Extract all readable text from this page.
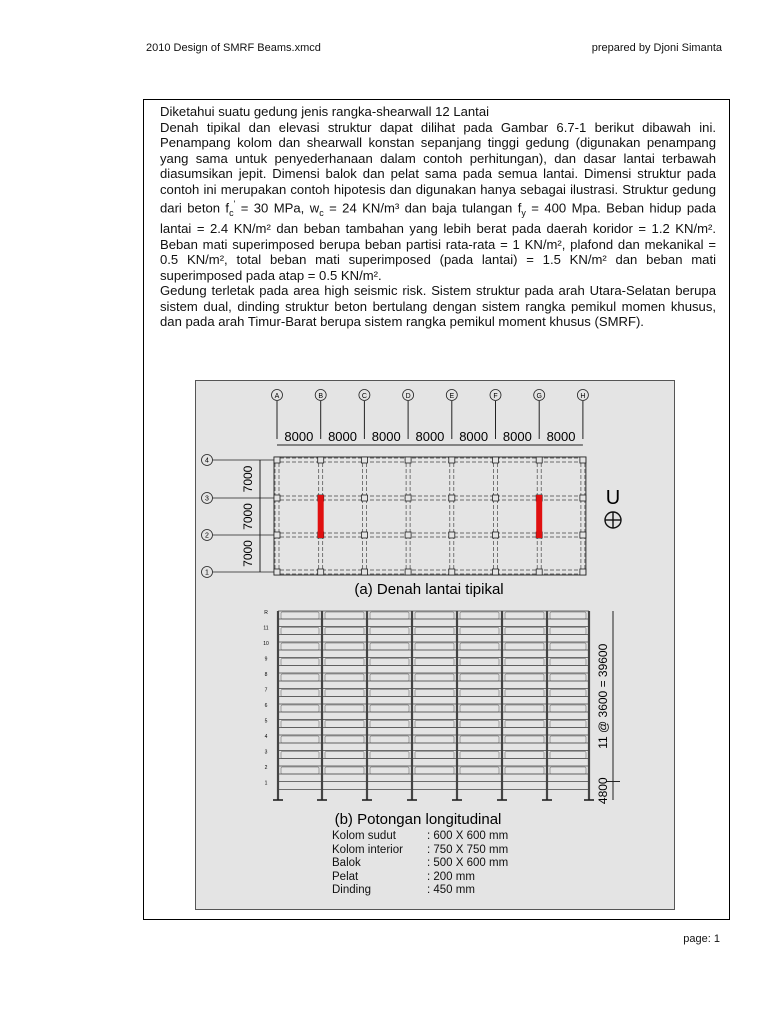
2010 Design of SMRF Beams.xmcd	prepared by Djoni Simanta

Diketahui suatu gedung jenis rangka-shearwall 12 Lantai

Denah tipikal dan elevasi struktur dapat dilihat pada Gambar 6.7-1 berikut dibawah ini. Penampang kolom dan shearwall konstan sepanjang tinggi gedung (digunakan penampang yang sama untuk penyederhanaan dalam contoh perhitungan), dan dasar lantai terbawah diasumsikan jepit. Dimensi balok dan pelat sama pada semua lantai. Dimensi struktur pada contoh ini merupakan contoh hipotesis dan digunakan hanya sebagai ilustrasi. Struktur gedung dari beton $f_c' = 30$ MPa, $w_c = 24$ KN/m³ dan baja tulangan $f_y = 400$ Mpa. Beban hidup pada lantai = 2.4 KN/m² dan beban tambahan yang lebih berat pada daerah koridor = 1.2 KN/m². Beban mati superimposed berupa beban partisi rata-rata = 1 KN/m², plafond dan mekanikal = 0.5 KN/m², total beban mati superimposed (pada lantai) = 1.5 KN/m² dan beban mati superimposed pada atap = 0.5 KN/m².

Gedung terletak pada area high seismic risk. Sistem struktur pada arah Utara-Selatan berupa sistem dual, dinding struktur beton bertulang dengan sistem rangka pemikul momen khusus, dan pada arah Timur-Barat berupa sistem rangka pemikul moment khusus (SMRF).

A	B	C	D	E	F	G	H
8000 8000 8000 8000 8000 8000 8000
4
3
2
1
7000
7000
7000
U
(a) Denah lantai tipikal
R
11
10
9
8
7
6
5
4
3
2
1
11 @ 3600 = 39600
4800
(b) Potongan longitudinal
Kolom sudut	: 600 X 600 mm
Kolom interior	: 750 X 750 mm
Balok	: 500 X 600 mm
Pelat	: 200 mm
Dinding	: 450 mm
page: 1
